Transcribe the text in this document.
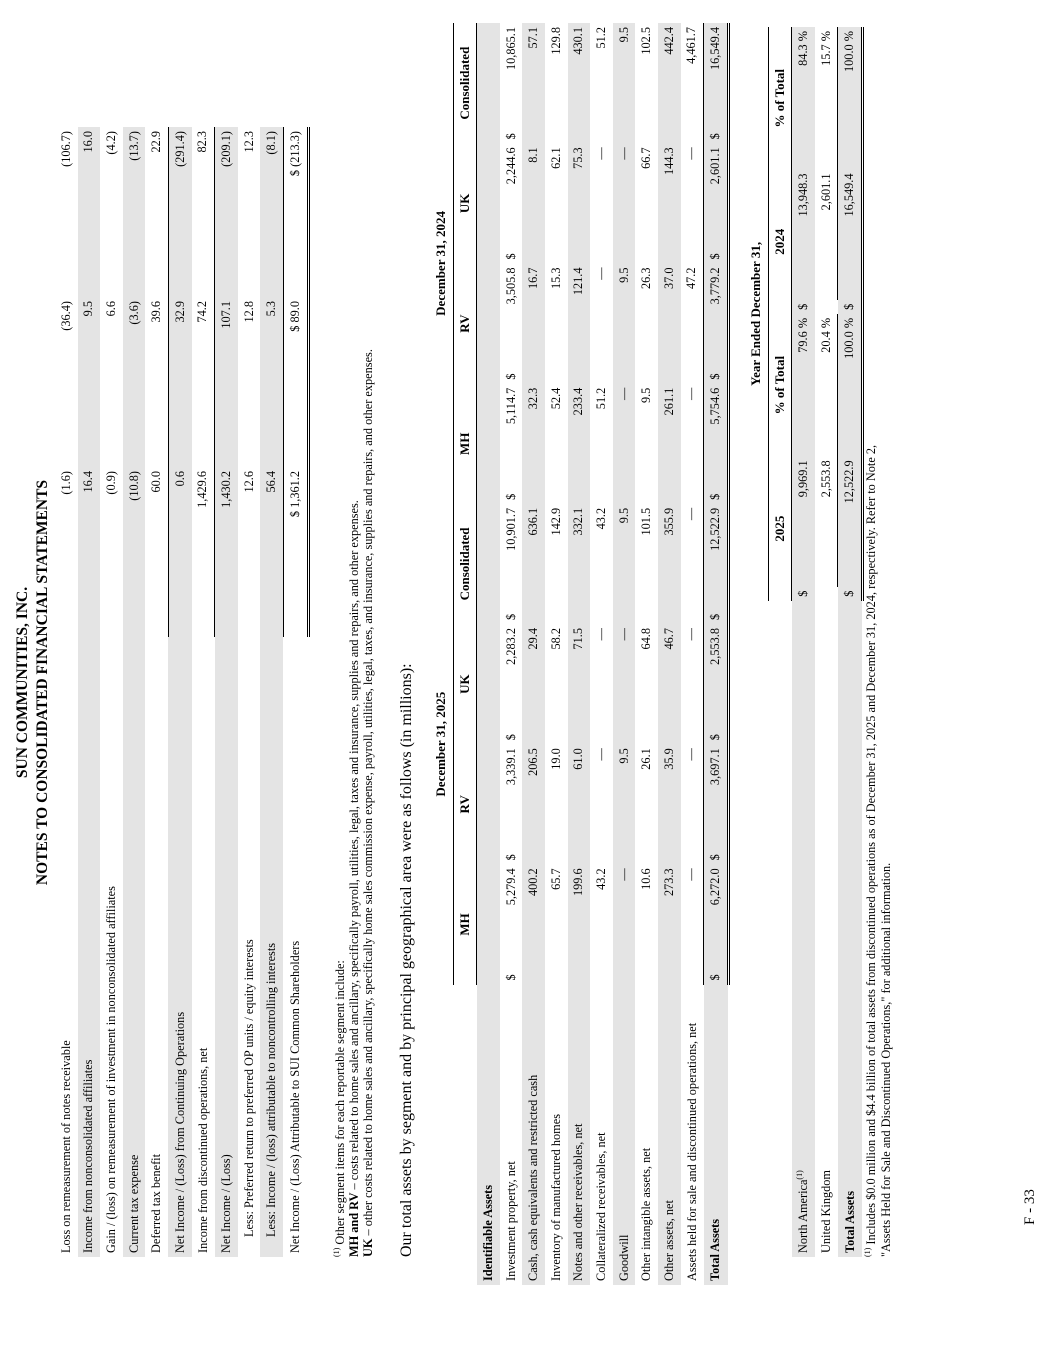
SUN COMMUNITIES, INC. NOTES TO CONSOLIDATED FINANCIAL STATEMENTS
Loss on remeasurement of notes receivable	(1.6)	(36.4)	(106.7)
Income from nonconsolidated affiliates	16.4	9.5	16.0
Gain / (loss) on remeasurement of investment in nonconsolidated affiliates	(0.9)	6.6	(4.2)
Current tax expense	(10.8)	(3.6)	(13.7)
Deferred tax benefit	60.0	39.6	22.9
Net Income / (Loss) from Continuing Operations	0.6	32.9	(291.4)
Income from discontinued operations, net	1,429.6	74.2	82.3
Net Income / (Loss)	1,430.2	107.1	(209.1)
Less: Preferred return to preferred OP units / equity interests	12.6	12.8	12.3
Less: Income / (loss) attributable to noncontrolling interests	56.4	5.3	(8.1)
Net Income / (Loss) Attributable to SUI Common Shareholders	$ 1,361.2	$ 89.0	$ (213.3)
$^{(1)}$ Other segment items for each reportable segment include: MH and RV – costs related to home sales and ancillary, specifically payroll, utilities, legal, taxes and insurance, supplies and repairs, and other expenses.
UK – other costs related to home sales and ancillary, specifically home sales commission expense, payroll, utilities, legal, taxes, and insurance, supplies and repairs, and other expenses. Our total assets by segment and by principal geographical area were as follows (in millions):
	December 31, 2025								December 31, 2024							
	MH		RV		UK		Consolidated		MH		RV		UK		Consolidated	
Identifiable Assets																
Investment property, net	$	5,279.4	$	3,339.1	$	2,283.2	$	10,901.7	$	5,114.7	$	3,505.8	$	2,244.6	$	10,865.1
Cash, cash equivalents and restricted cash		400.2		206.5		29.4		636.1		32.3		16.7		8.1		57.1
Inventory of manufactured homes		65.7		19.0		58.2		142.9		52.4		15.3		62.1		129.8
Notes and other receivables, net		199.6		61.0		71.5		332.1		233.4		121.4		75.3		430.1
Collateralized receivables, net		43.2		—		—		43.2		51.2		—		—		51.2
Goodwill		—		9.5		—		9.5		—		9.5		—		9.5
Other intangible assets, net		10.6		26.1		64.8		101.5		9.5		26.3		66.7		102.5
Other assets, net		273.3		35.9		46.7		355.9		261.1		37.0		144.3		442.4
Assets held for sale and discontinued operations, net		—		—		—		—		—		47.2		—		4,461.7
Total Assets	$	6,272.0	$	3,697.1	$	2,553.8	$	12,522.9	$	5,754.6	$	3,779.2	$	2,601.1	$	16,549.4
	Year Ended December 31,					
	2025		% of Total	2024		% of Total
North America$^{(1)}$	$	9,969.1	79.6 %	$	13,948.3	84.3 %
United Kingdom		2,553.8	20.4 %		2,601.1	15.7 %
Total Assets	$	12,522.9	100.0 %	$	16,549.4	100.0 %
$^{(1)}$ Includes $0.0 million and $4.4 billion of total assets from discontinued operations as of December 31, 2025 and December 31, 2024, respectively. Refer to Note 2, "Assets Held for Sale and Discontinued Operations," for additional information.	F - 33
